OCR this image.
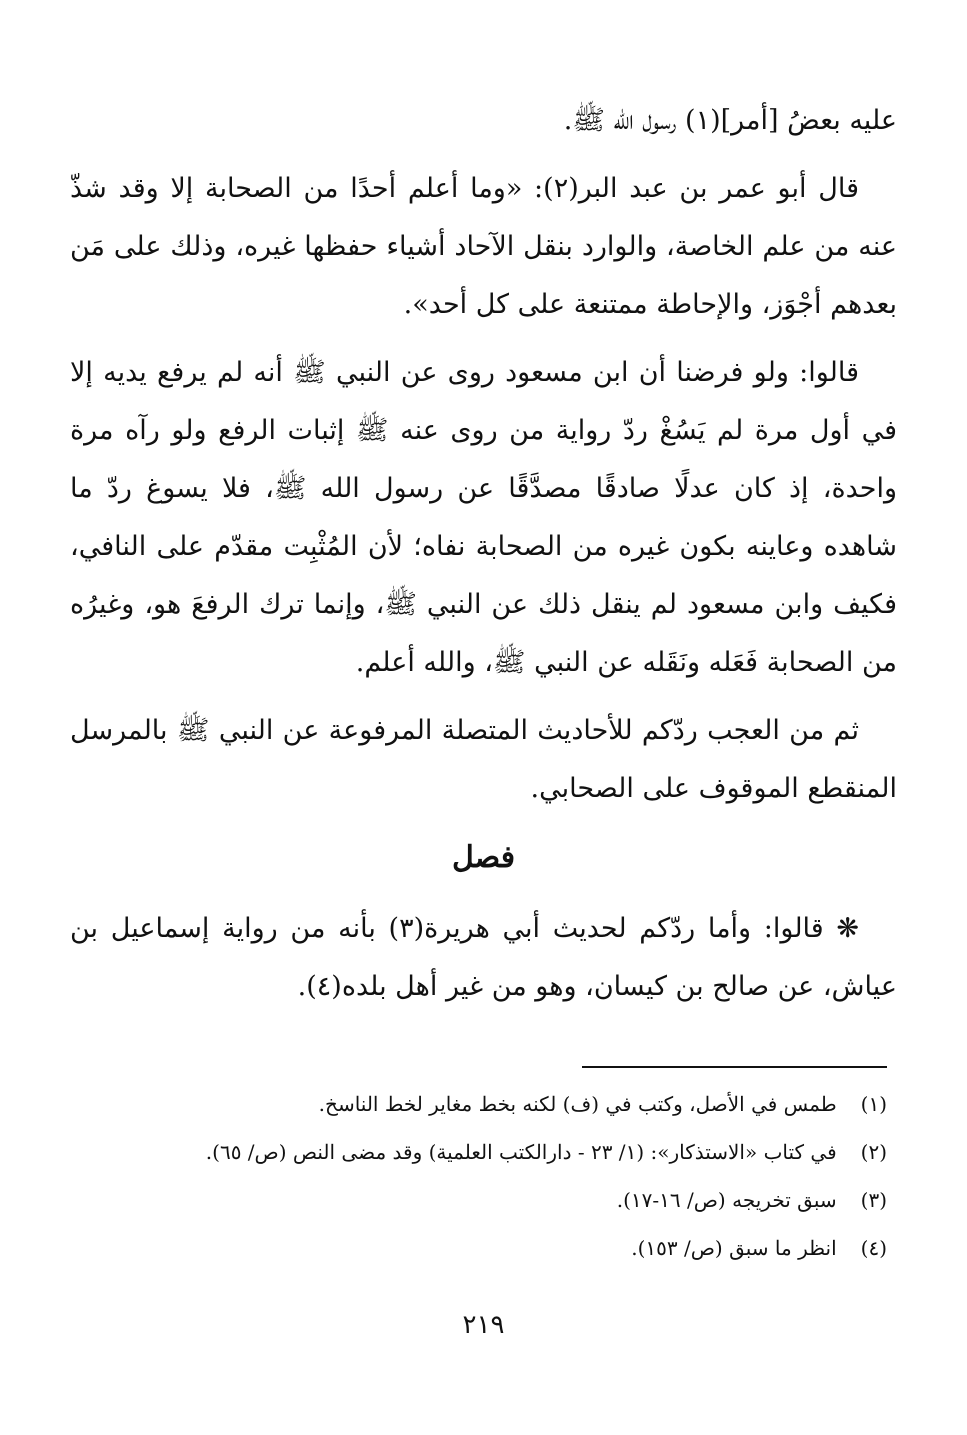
عليه بعضُ [أمر](١) رسول الله ﷺ.

قال أبو عمر بن عبد البر(٢): «وما أعلم أحدًا من الصحابة إلا وقد شذّ عنه من علم الخاصة، والوارد بنقل الآحاد أشياء حفظها غيره، وذلك على مَن بعدهم أجْوَز، والإحاطة ممتنعة على كل أحد».

قالوا: ولو فرضنا أن ابن مسعود روى عن النبي ﷺ أنه لم يرفع يديه إلا في أول مرة لم يَسُغْ ردّ رواية من روى عنه ﷺ إثبات الرفع ولو رآه مرة واحدة، إذ كان عدلًا صادقًا مصدَّقًا عن رسول الله ﷺ، فلا يسوغ ردّ ما شاهده وعاينه بكون غيره من الصحابة نفاه؛ لأن المُثْبِت مقدّم على النافي، فكيف وابن مسعود لم ينقل ذلك عن النبي ﷺ، وإنما ترك الرفعَ هو، وغيرُه من الصحابة فَعَله ونَقَله عن النبي ﷺ، والله أعلم.

ثم من العجب ردّكم للأحاديث المتصلة المرفوعة عن النبي ﷺ بالمرسل المنقطع الموقوف على الصحابي.

فصل

❋ قالوا: وأما ردّكم لحديث أبي هريرة(٣) بأنه من رواية إسماعيل بن عياش، عن صالح بن كيسان، وهو من غير أهل بلده(٤).

(١) طمس في الأصل، وكتب في (ف) لكنه بخط مغاير لخط الناسخ.

(٢) في كتاب «الاستذكار»: (١/ ٢٣ - دارالكتب العلمية) وقد مضى النص (ص/ ٦٥).

(٣) سبق تخريجه (ص/ ١٦-١٧).

(٤) انظر ما سبق (ص/ ١٥٣).

٢١٩
